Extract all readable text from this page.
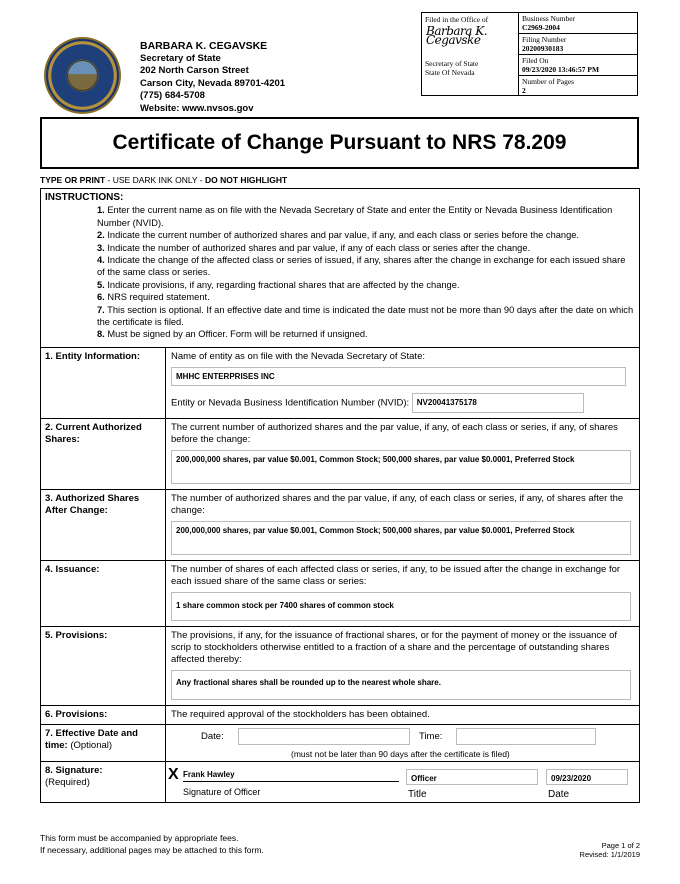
BARBARA K. CEGAVSKE
Secretary of State
202 North Carson Street
Carson City, Nevada 89701-4201
(775) 684-5708
Website: www.nvsos.gov
Filed in the Office of
Barbara K. Cegavske
Secretary of State
State Of Nevada
Business Number
C2969-2004
Filing Number
20200930183
Filed On
09/23/2020 13:46:57 PM
Number of Pages
2
Certificate of Change Pursuant to NRS 78.209
TYPE OR PRINT - USE DARK INK ONLY - DO NOT HIGHLIGHT
INSTRUCTIONS:
1. Enter the current name as on file with the Nevada Secretary of State and enter the Entity or Nevada Business Identification Number (NVID).
2. Indicate the current number of authorized shares and par value, if any, and each class or series before the change.
3. Indicate the number of authorized shares and par value, if any of each class or series after the change.
4. Indicate the change of the affected class or series of issued, if any, shares after the change in exchange for each issued share of the same class or series.
5. Indicate provisions, if any, regarding fractional shares that are affected by the change.
6. NRS required statement.
7. This section is optional. If an effective date and time is indicated the date must not be more than 90 days after the date on which the certificate is filed.
8. Must be signed by an Officer. Form will be returned if unsigned.
1. Entity Information:	Name of entity as on file with the Nevada Secretary of State:
MHHC ENTERPRISES INC
Entity or Nevada Business Identification Number (NVID): NV20041375178
2. Current Authorized Shares:
The current number of authorized shares and the par value, if any, of each class or series, if any, of shares before the change:
200,000,000 shares, par value $0.001, Common Stock; 500,000 shares, par value $0.0001, Preferred Stock
3. Authorized Shares After Change:
The number of authorized shares and the par value, if any, of each class or series, if any, of shares after the change:
200,000,000 shares, par value $0.001, Common Stock; 500,000 shares, par value $0.0001, Preferred Stock
4. Issuance:	The number of shares of each affected class or series, if any, to be issued after the change in exchange for each issued share of the same class or series:
1 share common stock per 7400 shares of common stock
5. Provisions:	The provisions, if any, for the issuance of fractional shares, or for the payment of money or the issuance of scrip to stockholders otherwise entitled to a fraction of a share and the percentage of outstanding shares affected thereby:
Any fractional shares shall be rounded up to the nearest whole share.
6. Provisions:	The required approval of the stockholders has been obtained.
7. Effective Date and time: (Optional)
Date:	Time:
(must not be later than 90 days after the certificate is filed)
8. Signature:
(Required)	X Frank Hawley
Signature of Officer
Officer
Title
09/23/2020
Date
This form must be accompanied by appropriate fees.
If necessary, additional pages may be attached to this form.	Page 1 of 2
Revised: 1/1/2019
